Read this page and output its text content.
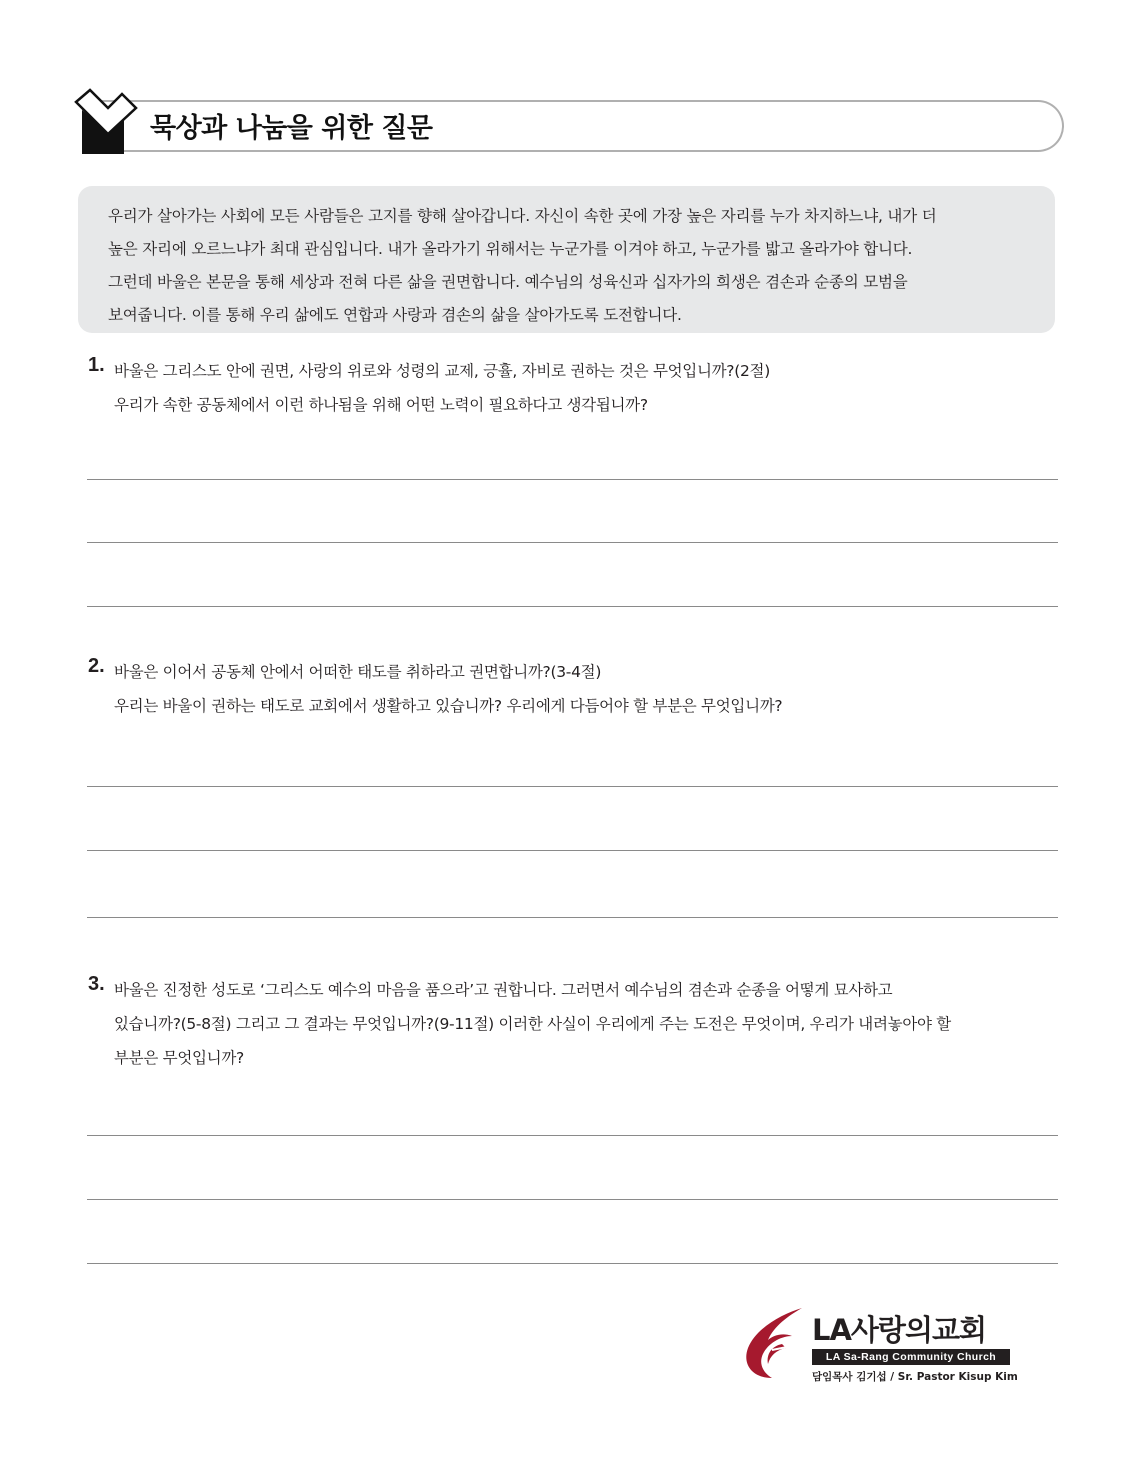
묵상과 나눔을 위한 질문
우리가 살아가는 사회에 모든 사람들은 고지를 향해 살아갑니다. 자신이 속한 곳에 가장 높은 자리를 누가 차지하느냐, 내가 더
높은 자리에 오르느냐가 최대 관심입니다. 내가 올라가기 위해서는 누군가를 이겨야 하고, 누군가를 밟고 올라가야 합니다.
그런데 바울은 본문을 통해 세상과 전혀 다른 삶을 권면합니다. 예수님의 성육신과 십자가의 희생은 겸손과 순종의 모범을
보여줍니다. 이를 통해 우리 삶에도 연합과 사랑과 겸손의 삶을 살아가도록 도전합니다.
1. 바울은 그리스도 안에 권면, 사랑의 위로와 성령의 교제, 긍휼, 자비로 권하는 것은 무엇입니까?(2절)
우리가 속한 공동체에서 이런 하나됨을 위해 어떤 노력이 필요하다고 생각됩니까?
2. 바울은 이어서 공동체 안에서 어떠한 태도를 취하라고 권면합니까?(3-4절)
우리는 바울이 권하는 태도로 교회에서 생활하고 있습니까? 우리에게 다듬어야 할 부분은 무엇입니까?
3. 바울은 진정한 성도로 ‘그리스도 예수의 마음을 품으라’고 권합니다. 그러면서 예수님의 겸손과 순종을 어떻게 묘사하고
있습니까?(5-8절) 그리고 그 결과는 무엇입니까?(9-11절) 이러한 사실이 우리에게 주는 도전은 무엇이며, 우리가 내려놓아야 할
부분은 무엇입니까?
LA사랑의교회
LA Sa-Rang Community Church
담임목사 김기섭 / Sr. Pastor Kisup Kim
